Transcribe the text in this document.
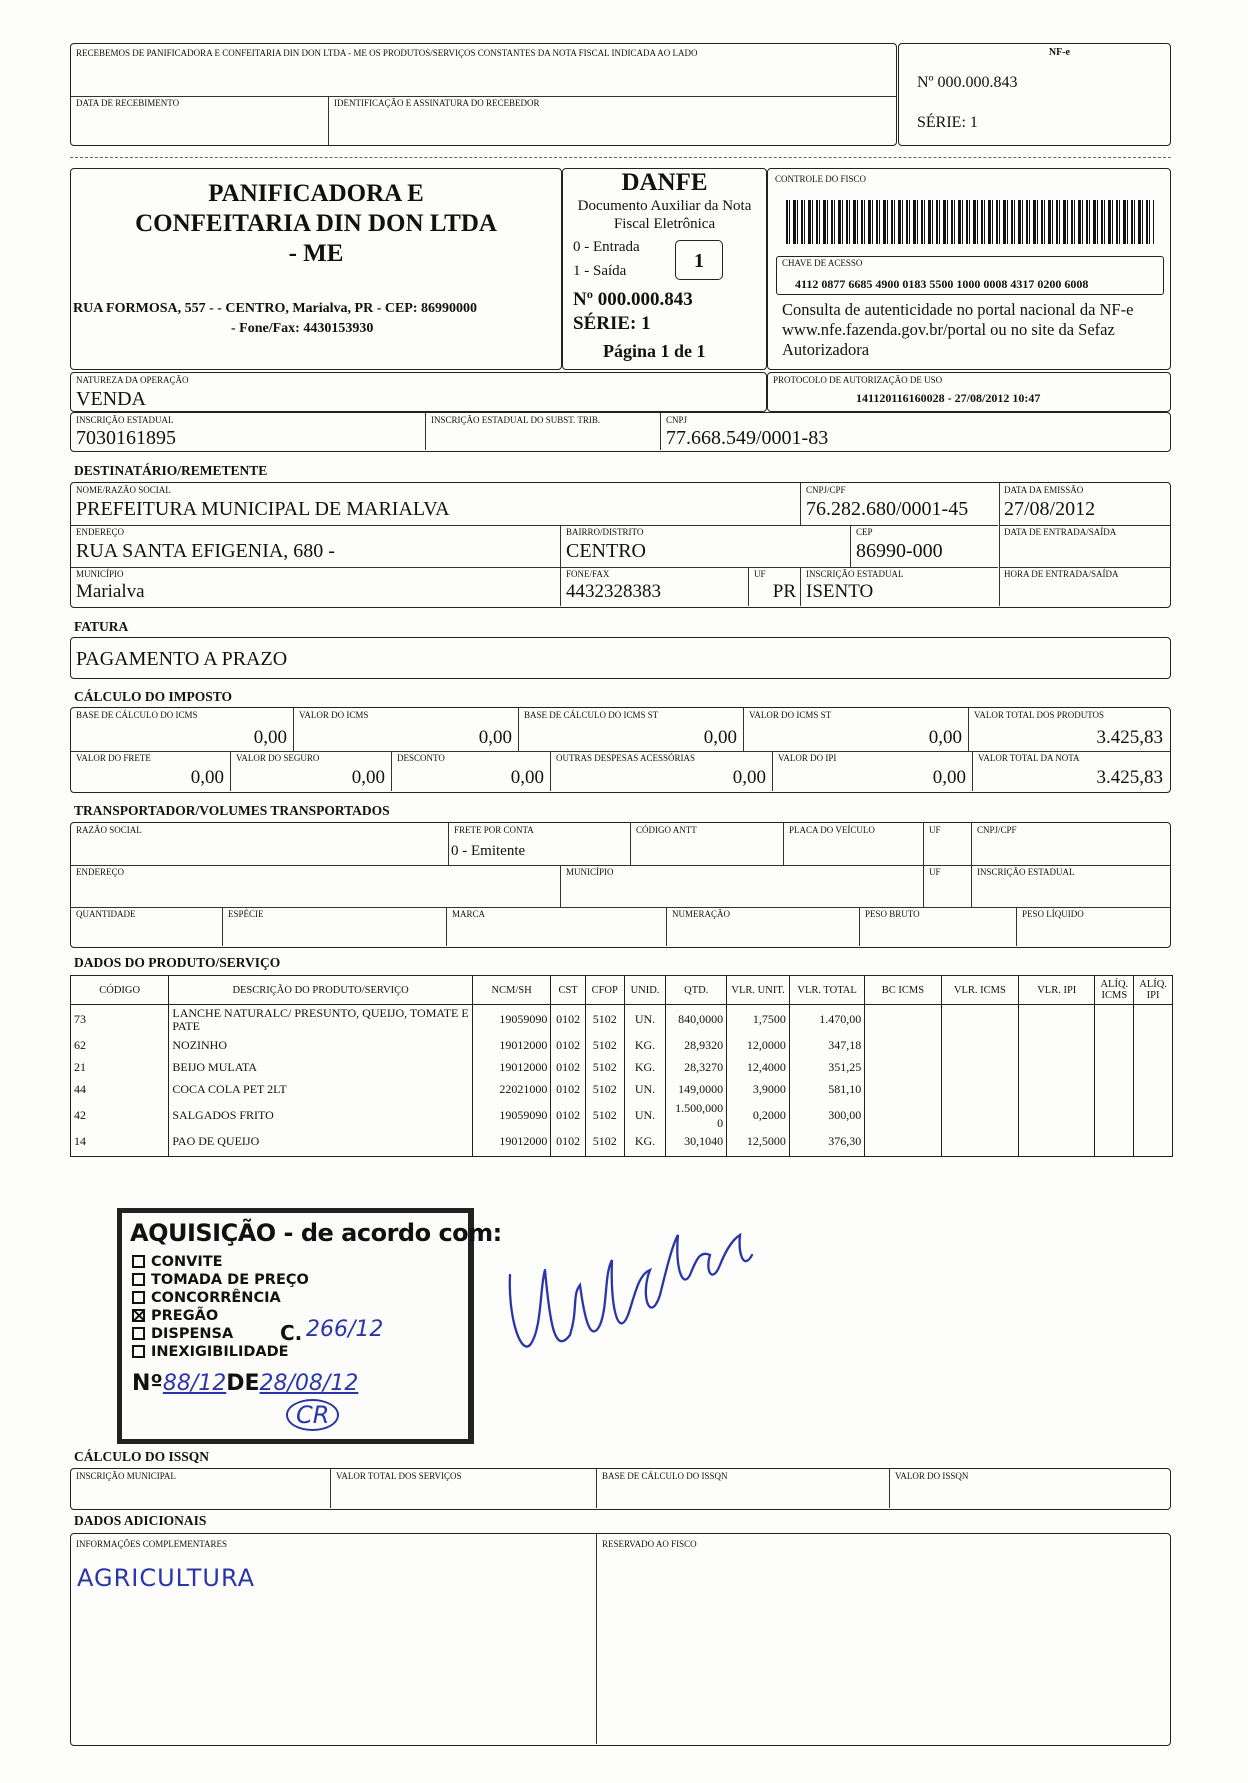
RECEBEMOS DE PANIFICADORA E CONFEITARIA DIN DON LTDA - ME OS PRODUTOS/SERVIÇOS CONSTANTES DA NOTA FISCAL INDICADA AO LADO
DATA DE RECEBIMENTO	IDENTIFICAÇÃO E ASSINATURA DO RECEBEDOR
NF-e
Nº 000.000.843
SÉRIE: 1
PANIFICADORA E CONFEITARIA DIN DON LTDA - ME
RUA FORMOSA, 557 - - CENTRO, Marialva, PR - CEP: 86990000
- Fone/Fax: 4430153930
DANFE
Documento Auxiliar da Nota Fiscal Eletrônica
0 - Entrada
1 - Saída	1
Nº 000.000.843
SÉRIE: 1
Página 1 de 1
CONTROLE DO FISCO
CHAVE DE ACESSO
4112 0877 6685 4900 0183 5500 1000 0008 4317 0200 6008
Consulta de autenticidade no portal nacional da NF-e www.nfe.fazenda.gov.br/portal ou no site da Sefaz Autorizadora
NATUREZA DA OPERAÇÃO
VENDA
PROTOCOLO DE AUTORIZAÇÃO DE USO
141120116160028 - 27/08/2012 10:47
INSCRIÇÃO ESTADUAL
7030161895
INSCRIÇÃO ESTADUAL DO SUBST. TRIB.	CNPJ
77.668.549/0001-83
DESTINATÁRIO/REMETENTE
NOME/RAZÃO SOCIAL
PREFEITURA MUNICIPAL DE MARIALVA
CNPJ/CPF
76.282.680/0001-45
DATA DA EMISSÃO
27/08/2012
ENDEREÇO
RUA SANTA EFIGENIA, 680 -
BAIRRO/DISTRITO
CENTRO
CEP
86990-000
DATA DE ENTRADA/SAÍDA
MUNICÍPIO
Marialva
FONE/FAX
4432328383
UF
PR
INSCRIÇÃO ESTADUAL
ISENTO
HORA DE ENTRADA/SAÍDA
FATURA
PAGAMENTO A PRAZO
CÁLCULO DO IMPOSTO
BASE DE CÁLCULO DO ICMS
0,00
VALOR DO ICMS
0,00
BASE DE CÁLCULO DO ICMS ST
0,00
VALOR DO ICMS ST
0,00
VALOR TOTAL DOS PRODUTOS
3.425,83
VALOR DO FRETE
0,00
VALOR DO SEGURO
0,00
DESCONTO
0,00
OUTRAS DESPESAS ACESSÓRIAS
0,00
VALOR DO IPI
0,00
VALOR TOTAL DA NOTA
3.425,83
TRANSPORTADOR/VOLUMES TRANSPORTADOS
RAZÃO SOCIAL	FRETE POR CONTA
0 - Emitente
CÓDIGO ANTT	PLACA DO VEÍCULO	UF	CNPJ/CPF
ENDEREÇO	MUNICÍPIO	UF	INSCRIÇÃO ESTADUAL
QUANTIDADE	ESPÉCIE	MARCA	NUMERAÇÃO	PESO BRUTO	PESO LÍQUIDO
DADOS DO PRODUTO/SERVIÇO
CÓDIGO	DESCRIÇÃO DO PRODUTO/SERVIÇO	NCM/SH	CST	CFOP	UNID.	QTD.	VLR. UNIT.	VLR. TOTAL	BC ICMS	VLR. ICMS	VLR. IPI	ALÍQ. ICMS	ALÍQ. IPI
73	LANCHE NATURALC/ PRESUNTO, QUEIJO, TOMATE E PATE	19059090	0102	5102	UN.	840,0000	1,7500	1.470,00					
62	NOZINHO	19012000	0102	5102	KG.	28,9320	12,0000	347,18					
21	BEIJO MULATA	19012000	0102	5102	KG.	28,3270	12,4000	351,25					
44	COCA COLA PET 2LT	22021000	0102	5102	UN.	149,0000	3,9000	581,10					
42	SALGADOS FRITO	19059090	0102	5102	UN.	1.500,000 0	0,2000	300,00					
14	PAO DE QUEIJO	19012000	0102	5102	KG.	30,1040	12,5000	376,30					

AQUISIÇÃO - de acordo com:
CONVITE
TOMADA DE PREÇO
CONCORRÊNCIA
PREGÃO
DISPENSA
INEXIGIBILIDADE
C. 266/12
Nº88/12DE28/08/12
CR
CÁLCULO DO ISSQN
INSCRIÇÃO MUNICIPAL	VALOR TOTAL DOS SERVIÇOS	BASE DE CÁLCULO DO ISSQN	VALOR DO ISSQN
DADOS ADICIONAIS
INFORMAÇÕES COMPLEMENTARES
AGRICULTURA
RESERVADO AO FISCO
